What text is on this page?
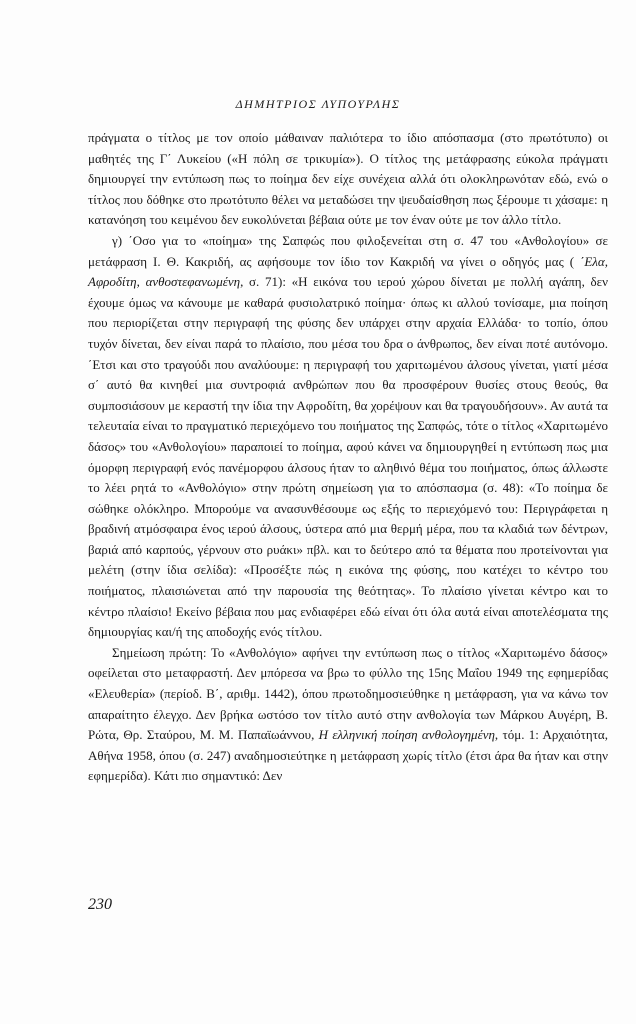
ΔΗΜΗΤΡΙΟΣ ΛΥΠΟΥΡΛΗΣ

πράγματα ο τίτλος με τον οποίο μάθαιναν παλιότερα το ίδιο απόσπασμα (στο πρωτότυπο) οι μαθητές της Γ΄ Λυκείου («Η πόλη σε τρικυμία»). Ο τίτλος της μετάφρασης εύκολα πράγματι δημιουργεί την εντύπωση πως το ποίημα δεν είχε συνέχεια αλλά ότι ολοκληρωνόταν εδώ, ενώ ο τίτλος που δόθηκε στο πρωτότυπο θέλει να μεταδώσει την ψευδαίσθηση πως ξέρουμε τι χάσαμε: η κατανόηση του κειμένου δεν ευκολύνεται βέβαια ούτε με τον έναν ούτε με τον άλλο τίτλο.

γ) ΄Οσο για το «ποίημα» της Σαπφώς που φιλοξενείται στη σ. 47 του «Ανθολογίου» σε μετάφραση Ι. Θ. Κακριδή, ας αφήσουμε τον ίδιο τον Κακριδή να γίνει ο οδηγός μας ( ΄Ελα, Αφροδίτη, ανθοστεφανωμένη, σ. 71): «Η εικόνα του ιερού χώρου δίνεται με πολλή αγάπη, δεν έχουμε όμως να κάνουμε με καθαρά φυσιολατρικό ποίημα· όπως κι αλλού τονίσαμε, μια ποίηση που περιορίζεται στην περιγραφή της φύσης δεν υπάρχει στην αρχαία Ελλάδα· το τοπίο, όπου τυχόν δίνεται, δεν είναι παρά το πλαίσιο, που μέσα του δρα ο άνθρωπος, δεν είναι ποτέ αυτόνομο. ΄Ετσι και στο τραγούδι που αναλύουμε: η περιγραφή του χαριτωμένου άλσους γίνεται, γιατί μέσα σ΄ αυτό θα κινηθεί μια συντροφιά ανθρώπων που θα προσφέρουν θυσίες στους θεούς, θα συμποσιάσουν με κεραστή την ίδια την Αφροδίτη, θα χορέψουν και θα τραγουδήσουν». Αν αυτά τα τελευταία είναι το πραγματικό περιεχόμενο του ποιήματος της Σαπφώς, τότε ο τίτλος «Χαριτωμένο δάσος» του «Ανθολογίου» παραποιεί το ποίημα, αφού κάνει να δημιουργηθεί η εντύπωση πως μια όμορφη περιγραφή ενός πανέμορφου άλσους ήταν το αληθινό θέμα του ποιήματος, όπως άλλωστε το λέει ρητά το «Ανθολόγιο» στην πρώτη σημείωση για το απόσπασμα (σ. 48): «Το ποίημα δε σώθηκε ολόκληρο. Μπορούμε να ανασυνθέσουμε ως εξής το περιεχόμενό του: Περιγράφεται η βραδινή ατμόσφαιρα ένος ιερού άλσους, ύστερα από μια θερμή μέρα, που τα κλαδιά των δέντρων, βαριά από καρπούς, γέρνουν στο ρυάκι» πβλ. και το δεύτερο από τα θέματα που προτείνονται για μελέτη (στην ίδια σελίδα): «Προσέξτε πώς η εικόνα της φύσης, που κατέχει το κέντρο του ποιήματος, πλαισιώνεται από την παρουσία της θεότητας». Το πλαίσιο γίνεται κέντρο και το κέντρο πλαίσιο! Εκείνο βέβαια που μας ενδιαφέρει εδώ είναι ότι όλα αυτά είναι αποτελέσματα της δημιουργίας και/ή της αποδοχής ενός τίτλου.

Σημείωση πρώτη: Το «Ανθολόγιο» αφήνει την εντύπωση πως ο τίτλος «Χαριτωμένο δάσος» οφείλεται στο μεταφραστή. Δεν μπόρεσα να βρω το φύλλο της 15ης Μαΐου 1949 της εφημερίδας «Ελευθερία» (περίοδ. Β΄, αριθμ. 1442), όπου πρωτοδημοσιεύθηκε η μετάφραση, για να κάνω τον απαραίτητο έλεγχο. Δεν βρήκα ωστόσο τον τίτλο αυτό στην ανθολογία των Μάρκου Αυγέρη, Β. Ρώτα, Θρ. Σταύρου, Μ. Μ. Παπαϊωάννου, Η ελληνική ποίηση ανθολογημένη, τόμ. 1: Αρχαιότητα, Αθήνα 1958, όπου (σ. 247) αναδημοσιεύτηκε η μετάφραση χωρίς τίτλο (έτσι άρα θα ήταν και στην εφημερίδα). Κάτι πιο σημαντικό: Δεν

230
